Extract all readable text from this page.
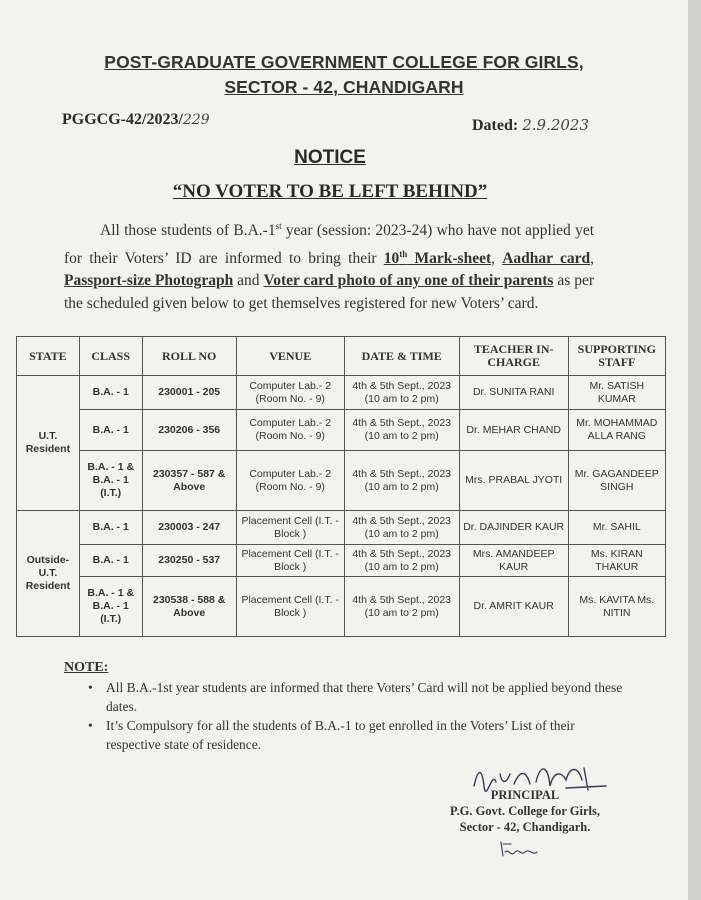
POST-GRADUATE GOVERNMENT COLLEGE FOR GIRLS,
SECTOR - 42, CHANDIGARH
PGGCG-42/2023/229	Dated: 2.9.2023
NOTICE
“NO VOTER TO BE LEFT BEHIND”
All those students of B.A.-1st year (session: 2023-24) who have not applied yet for their Voters’ ID are informed to bring their 10th Mark-sheet, Aadhar card, Passport-size Photograph and Voter card photo of any one of their parents as per the scheduled given below to get themselves registered for new Voters’ card.
STATE	CLASS	ROLL NO	VENUE	DATE & TIME	TEACHER IN-CHARGE	SUPPORTING STAFF
U.T. Resident	B.A. - 1	230001 - 205	Computer Lab.- 2 (Room No. - 9)	4th & 5th Sept., 2023 (10 am to 2 pm)	Dr. SUNITA RANI	Mr. SATISH KUMAR
	B.A. - 1	230206 - 356	Computer Lab.- 2 (Room No. - 9)	4th & 5th Sept., 2023 (10 am to 2 pm)	Dr. MEHAR CHAND	Mr. MOHAMMAD ALLA RANG
	B.A. - 1 & B.A. - 1 (I.T.)	230357 - 587 & Above	Computer Lab.- 2 (Room No. - 9)	4th & 5th Sept., 2023 (10 am to 2 pm)	Mrs. PRABAL JYOTI	Mr. GAGANDEEP SINGH
Outside- U.T. Resident	B.A. - 1	230003 - 247	Placement Cell (I.T. - Block )	4th & 5th Sept., 2023 (10 am to 2 pm)	Dr. DAJINDER KAUR	Mr. SAHIL
	B.A. - 1	230250 - 537	Placement Cell (I.T. - Block )	4th & 5th Sept., 2023 (10 am to 2 pm)	Mrs. AMANDEEP KAUR	Ms. KIRAN THAKUR
	B.A. - 1 & B.A. - 1 (I.T.)	230538 - 588 & Above	Placement Cell (I.T. - Block )	4th & 5th Sept., 2023 (10 am to 2 pm)	Dr. AMRIT KAUR	Ms. KAVITA Ms. NITIN
NOTE:
• All B.A.-1st year students are informed that there Voters’ Card will not be applied beyond these dates.
• It’s Compulsory for all the students of B.A.-1 to get enrolled in the Voters’ List of their respective state of residence.
PRINCIPAL
P.G. Govt. College for Girls,
Sector - 42, Chandigarh.
